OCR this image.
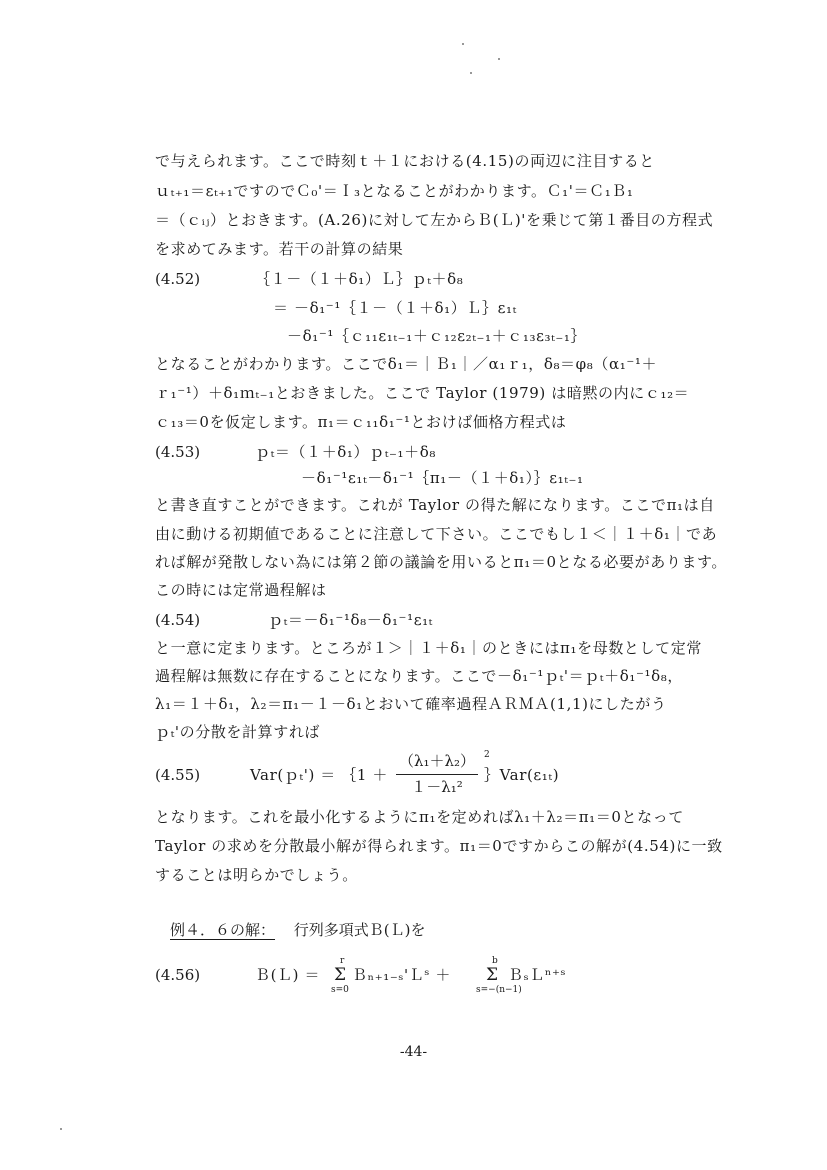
で与えられます。ここで時刻ｔ＋１における(4.15)の両辺に注目すると
ｕₜ₊₁＝εₜ₊₁ですのでＣ₀'＝Ｉ₃となることがわかります。Ｃ₁'＝Ｃ₁Ｂ₁
＝（ｃᵢⱼ）とおきます。(A.26)に対して左からＢ(Ｌ)'を乗じて第１番目の方程式
を求めてみます。若干の計算の結果
(4.52)	｛１－（１＋δ₁）Ｌ｝ｐₜ＋δ₈
＝ －δ₁⁻¹｛１－（１＋δ₁）Ｌ｝ε₁ₜ
－δ₁⁻¹｛ｃ₁₁ε₁ₜ₋₁＋ｃ₁₂ε₂ₜ₋₁＋ｃ₁₃ε₃ₜ₋₁｝
となることがわかります。ここでδ₁＝｜Ｂ₁｜／α₁ｒ₁，δ₈＝φ₈（α₁⁻¹＋
ｒ₁⁻¹）＋δ₁ｍₜ₋₁とおきました。ここで Taylor (1979) は暗黙の内にｃ₁₂＝
ｃ₁₃＝0を仮定します。π₁＝ｃ₁₁δ₁⁻¹とおけば価格方程式は
(4.53)	ｐₜ＝（１＋δ₁）ｐₜ₋₁＋δ₈
－δ₁⁻¹ε₁ₜ－δ₁⁻¹｛π₁－（１＋δ₁）｝ε₁ₜ₋₁
と書き直すことができます。これが Taylor の得た解になります。ここでπ₁は自
由に動ける初期値であることに注意して下さい。ここでもし１＜｜１＋δ₁｜であ
れば解が発散しない為には第２節の議論を用いるとπ₁＝0となる必要があります。
この時には定常過程解は
(4.54)	ｐₜ＝－δ₁⁻¹δ₈－δ₁⁻¹ε₁ₜ
と一意に定まります。ところが１＞｜１＋δ₁｜のときにはπ₁を母数として定常
過程解は無数に存在することになります。ここで－δ₁⁻¹ｐₜ'＝ｐₜ＋δ₁⁻¹δ₈，
λ₁＝１＋δ₁，λ₂＝π₁－１－δ₁とおいて確率過程ＡＲＭＡ(1,1)にしたがう
ｐₜ'の分散を計算すれば
(4.55)	Var(ｐₜ') ＝ ｛1 ＋
（λ₁＋λ₂） 2
１－λ₁²
｝Var(ε₁ₜ)
となります。これを最小化するようにπ₁を定めればλ₁＋λ₂＝π₁＝0となって
Taylor の求めを分散最小解が得られます。π₁＝0ですからこの解が(4.54)に一致
することは明らかでしょう。
例４．６の解： 行列多項式Ｂ(Ｌ)を
(4.56)	Ｂ(Ｌ) ＝
r
Σ
s=0
Ｂₙ₊₁₋ₛ'Ｌˢ ＋
b
Σ
s=−(n−1)
ＢₛＬⁿ⁺ˢ
-44-
